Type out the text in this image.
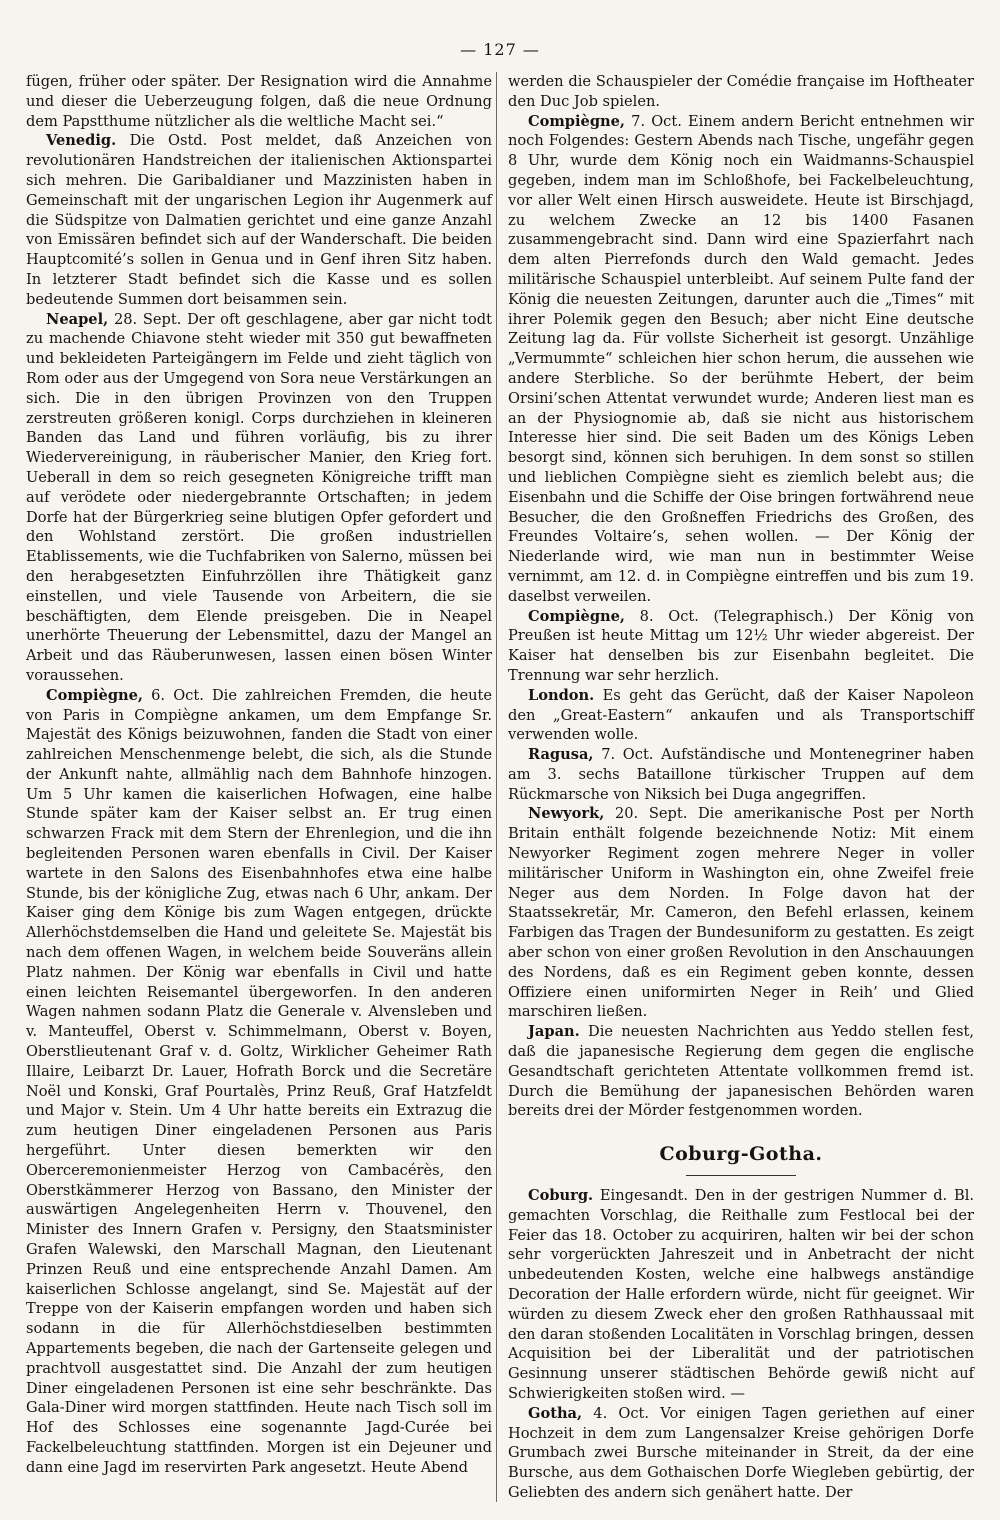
— 127 —

fügen, früher oder später. Der Resignation wird die Annahme und dieser die Ueberzeugung folgen, daß die neue Ordnung dem Papstthume nützlicher als die weltliche Macht sei.“

Venedig. Die Ostd. Post meldet, daß Anzeichen von revolutionären Handstreichen der italienischen Aktionspartei sich mehren. Die Garibaldianer und Mazzinisten haben in Gemeinschaft mit der ungarischen Legion ihr Augenmerk auf die Südspitze von Dalmatien gerichtet und eine ganze Anzahl von Emissären befindet sich auf der Wanderschaft. Die beiden Hauptcomité’s sollen in Genua und in Genf ihren Sitz haben. In letzterer Stadt befindet sich die Kasse und es sollen bedeutende Summen dort beisammen sein.

Neapel, 28. Sept. Der oft geschlagene, aber gar nicht todt zu machende Chiavone steht wieder mit 350 gut bewaffneten und bekleideten Parteigängern im Felde und zieht täglich von Rom oder aus der Umgegend von Sora neue Verstärkungen an sich. Die in den übrigen Provinzen von den Truppen zerstreuten größeren konigl. Corps durchziehen in kleineren Banden das Land und führen vorläufig, bis zu ihrer Wiedervereinigung, in räuberischer Manier, den Krieg fort. Ueberall in dem so reich gesegneten Königreiche trifft man auf verödete oder niedergebrannte Ortschaften; in jedem Dorfe hat der Bürgerkrieg seine blutigen Opfer gefordert und den Wohlstand zerstört. Die großen industriellen Etablissements, wie die Tuchfabriken von Salerno, müssen bei den herabgesetzten Einfuhrzöllen ihre Thätigkeit ganz einstellen, und viele Tausende von Arbeitern, die sie beschäftigten, dem Elende preisgeben. Die in Neapel unerhörte Theuerung der Lebensmittel, dazu der Mangel an Arbeit und das Räuberunwesen, lassen einen bösen Winter voraussehen.

Compiègne, 6. Oct. Die zahlreichen Fremden, die heute von Paris in Compiègne ankamen, um dem Empfange Sr. Majestät des Königs beizuwohnen, fanden die Stadt von einer zahlreichen Menschenmenge belebt, die sich, als die Stunde der Ankunft nahte, allmählig nach dem Bahnhofe hinzogen. Um 5 Uhr kamen die kaiserlichen Hofwagen, eine halbe Stunde später kam der Kaiser selbst an. Er trug einen schwarzen Frack mit dem Stern der Ehrenlegion, und die ihn begleitenden Personen waren ebenfalls in Civil. Der Kaiser wartete in den Salons des Eisenbahnhofes etwa eine halbe Stunde, bis der königliche Zug, etwas nach 6 Uhr, ankam. Der Kaiser ging dem Könige bis zum Wagen entgegen, drückte Allerhöchstdemselben die Hand und geleitete Se. Majestät bis nach dem offenen Wagen, in welchem beide Souveräns allein Platz nahmen. Der König war ebenfalls in Civil und hatte einen leichten Reisemantel übergeworfen. In den anderen Wagen nahmen sodann Platz die Generale v. Alvensleben und v. Manteuffel, Oberst v. Schimmelmann, Oberst v. Boyen, Oberstlieutenant Graf v. d. Goltz, Wirklicher Geheimer Rath Illaire, Leibarzt Dr. Lauer, Hofrath Borck und die Secretäre Noël und Konski, Graf Pourtalès, Prinz Reuß, Graf Hatzfeldt und Major v. Stein. Um 4 Uhr hatte bereits ein Extrazug die zum heutigen Diner eingeladenen Personen aus Paris hergeführt. Unter diesen bemerkten wir den Oberceremonienmeister Herzog von Cambacérès, den Oberstkämmerer Herzog von Bassano, den Minister der auswärtigen Angelegenheiten Herrn v. Thouvenel, den Minister des Innern Grafen v. Persigny, den Staatsminister Grafen Walewski, den Marschall Magnan, den Lieutenant Prinzen Reuß und eine entsprechende Anzahl Damen. Am kaiserlichen Schlosse angelangt, sind Se. Majestät auf der Treppe von der Kaiserin empfangen worden und haben sich sodann in die für Allerhöchstdieselben bestimmten Appartements begeben, die nach der Gartenseite gelegen und prachtvoll ausgestattet sind. Die Anzahl der zum heutigen Diner eingeladenen Personen ist eine sehr beschränkte. Das Gala-Diner wird morgen stattfinden. Heute nach Tisch soll im Hof des Schlosses eine sogenannte Jagd-Curée bei Fackelbeleuchtung stattfinden. Morgen ist ein Dejeuner und dann eine Jagd im reservirten Park angesetzt. Heute Abend

werden die Schauspieler der Comédie française im Hoftheater den Duc Job spielen.

Compiègne, 7. Oct. Einem andern Bericht entnehmen wir noch Folgendes: Gestern Abends nach Tische, ungefähr gegen 8 Uhr, wurde dem König noch ein Waidmanns-Schauspiel gegeben, indem man im Schloßhofe, bei Fackelbeleuchtung, vor aller Welt einen Hirsch ausweidete. Heute ist Birschjagd, zu welchem Zwecke an 12 bis 1400 Fasanen zusammengebracht sind. Dann wird eine Spazierfahrt nach dem alten Pierrefonds durch den Wald gemacht. Jedes militärische Schauspiel unterbleibt. Auf seinem Pulte fand der König die neuesten Zeitungen, darunter auch die „Times“ mit ihrer Polemik gegen den Besuch; aber nicht Eine deutsche Zeitung lag da. Für vollste Sicherheit ist gesorgt. Unzählige „Vermummte“ schleichen hier schon herum, die aussehen wie andere Sterbliche. So der berühmte Hebert, der beim Orsini’schen Attentat verwundet wurde; Anderen liest man es an der Physiognomie ab, daß sie nicht aus historischem Interesse hier sind. Die seit Baden um des Königs Leben besorgt sind, können sich beruhigen. In dem sonst so stillen und lieblichen Compiègne sieht es ziemlich belebt aus; die Eisenbahn und die Schiffe der Oise bringen fortwährend neue Besucher, die den Großneffen Friedrichs des Großen, des Freundes Voltaire’s, sehen wollen. — Der König der Niederlande wird, wie man nun in bestimmter Weise vernimmt, am 12. d. in Compiègne eintreffen und bis zum 19. daselbst verweilen.

Compiègne, 8. Oct. (Telegraphisch.) Der König von Preußen ist heute Mittag um 12½ Uhr wieder abgereist. Der Kaiser hat denselben bis zur Eisenbahn begleitet. Die Trennung war sehr herzlich.

London. Es geht das Gerücht, daß der Kaiser Napoleon den „Great-Eastern“ ankaufen und als Transportschiff verwenden wolle.

Ragusa, 7. Oct. Aufständische und Montenegriner haben am 3. sechs Bataillone türkischer Truppen auf dem Rückmarsche von Niksich bei Duga angegriffen.

Newyork, 20. Sept. Die amerikanische Post per North Britain enthält folgende bezeichnende Notiz: Mit einem Newyorker Regiment zogen mehrere Neger in voller militärischer Uniform in Washington ein, ohne Zweifel freie Neger aus dem Norden. In Folge davon hat der Staatssekretär, Mr. Cameron, den Befehl erlassen, keinem Farbigen das Tragen der Bundesuniform zu gestatten. Es zeigt aber schon von einer großen Revolution in den Anschauungen des Nordens, daß es ein Regiment geben konnte, dessen Offiziere einen uniformirten Neger in Reih’ und Glied marschiren ließen.

Japan. Die neuesten Nachrichten aus Yeddo stellen fest, daß die japanesische Regierung dem gegen die englische Gesandtschaft gerichteten Attentate vollkommen fremd ist. Durch die Bemühung der japanesischen Behörden waren bereits drei der Mörder festgenommen worden.

Coburg-Gotha.

Coburg. Eingesandt. Den in der gestrigen Nummer d. Bl. gemachten Vorschlag, die Reithalle zum Festlocal bei der Feier das 18. October zu acquiriren, halten wir bei der schon sehr vorgerückten Jahreszeit und in Anbetracht der nicht unbedeutenden Kosten, welche eine halbwegs anständige Decoration der Halle erfordern würde, nicht für geeignet. Wir würden zu diesem Zweck eher den großen Rathhaussaal mit den daran stoßenden Localitäten in Vorschlag bringen, dessen Acquisition bei der Liberalität und der patriotischen Gesinnung unserer städtischen Behörde gewiß nicht auf Schwierigkeiten stoßen wird. —

Gotha, 4. Oct. Vor einigen Tagen geriethen auf einer Hochzeit in dem zum Langensalzer Kreise gehörigen Dorfe Grumbach zwei Bursche miteinander in Streit, da der eine Bursche, aus dem Gothaischen Dorfe Wiegleben gebürtig, der Geliebten des andern sich genähert hatte. Der
